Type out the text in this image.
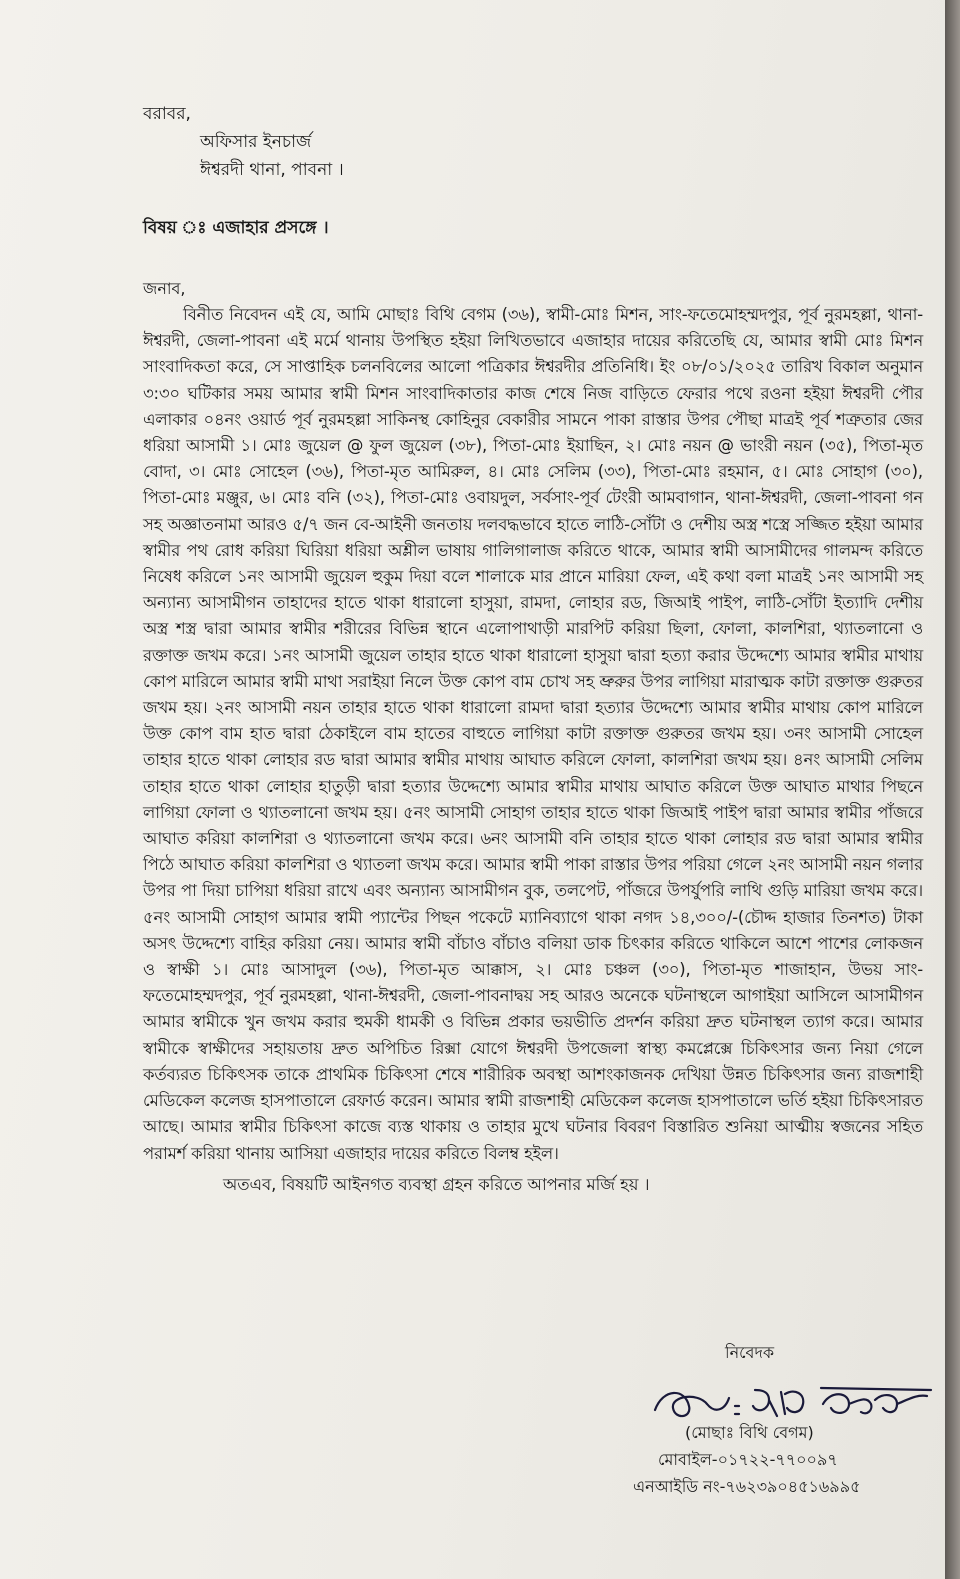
বরাবর,
অফিসার ইনচার্জ
ঈশ্বরদী থানা, পাবনা ।
বিষয় ঃ এজাহার প্রসঙ্গে ।
জনাব,

বিনীত নিবেদন এই যে, আমি মোছাঃ বিথি বেগম (৩৬), স্বামী-মোঃ মিশন, সাং-ফতেমোহম্মদপুর, পূর্ব নুরমহল্লা, থানা-ঈশ্বরদী, জেলা-পাবনা এই মর্মে থানায় উপস্থিত হইয়া লিখিতভাবে এজাহার দায়ের করিতেছি যে, আমার স্বামী মোঃ মিশন সাংবাদিকতা করে, সে সাপ্তাহিক চলনবিলের আলো পত্রিকার ঈশ্বরদীর প্রতিনিধি। ইং ০৮/০১/২০২৫ তারিখ বিকাল অনুমান ৩:৩০ ঘটিকার সময় আমার স্বামী মিশন সাংবাদিকাতার কাজ শেষে নিজ বাড়িতে ফেরার পথে রওনা হইয়া ঈশ্বরদী পৌর এলাকার ০৪নং ওয়ার্ড পূর্ব নুরমহল্লা সাকিনস্থ কোহিনুর বেকারীর সামনে পাকা রাস্তার উপর পৌছা মাত্রই পূর্ব শত্রুতার জের ধরিয়া আসামী ১। মোঃ জুয়েল @ ফুল জুয়েল (৩৮), পিতা-মোঃ ইয়াছিন, ২। মোঃ নয়ন @ ভাংরী নয়ন (৩৫), পিতা-মৃত বোদা, ৩। মোঃ সোহেল (৩৬), পিতা-মৃত আমিরুল, ৪। মোঃ সেলিম (৩৩), পিতা-মোঃ রহমান, ৫। মোঃ সোহাগ (৩০), পিতা-মোঃ মঞ্জুর, ৬। মোঃ বনি (৩২), পিতা-মোঃ ওবায়দুল, সর্বসাং-পূর্ব টেংরী আমবাগান, থানা-ঈশ্বরদী, জেলা-পাবনা গন সহ অজ্ঞাতনামা আরও ৫/৭ জন বে-আইনী জনতায় দলবদ্ধভাবে হাতে লাঠি-সোঁটা ও দেশীয় অস্ত্র শস্ত্রে সজ্জিত হইয়া আমার স্বামীর পথ রোধ করিয়া ঘিরিয়া ধরিয়া অশ্লীল ভাষায় গালিগালাজ করিতে থাকে, আমার স্বামী আসামীদের গালমন্দ করিতে নিষেধ করিলে ১নং আসামী জুয়েল হুকুম দিয়া বলে শালাকে মার প্রানে মারিয়া ফেল, এই কথা বলা মাত্রই ১নং আসামী সহ অন্যান্য আসামীগন তাহাদের হাতে থাকা ধারালো হাসুয়া, রামদা, লোহার রড, জিআই পাইপ, লাঠি-সোঁটা ইত্যাদি দেশীয় অস্ত্র শস্ত্র দ্বারা আমার স্বামীর শরীরের বিভিন্ন স্থানে এলোপাথাড়ী মারপিট করিয়া ছিলা, ফোলা, কালশিরা, থ্যাতলানো ও রক্তাক্ত জখম করে। ১নং আসামী জুয়েল তাহার হাতে থাকা ধারালো হাসুয়া দ্বারা হত্যা করার উদ্দেশ্যে আমার স্বামীর মাথায় কোপ মারিলে আমার স্বামী মাথা সরাইয়া নিলে উক্ত কোপ বাম চোখ সহ ভ্রুরুর উপর লাগিয়া মারাত্মক কাটা রক্তাক্ত গুরুতর জখম হয়। ২নং আসামী নয়ন তাহার হাতে থাকা ধারালো রামদা দ্বারা হত্যার উদ্দেশ্যে আমার স্বামীর মাথায় কোপ মারিলে উক্ত কোপ বাম হাত দ্বারা ঠেকাইলে বাম হাতের বাহুতে লাগিয়া কাটা রক্তাক্ত গুরুতর জখম হয়। ৩নং আসামী সোহেল তাহার হাতে থাকা লোহার রড দ্বারা আমার স্বামীর মাথায় আঘাত করিলে ফোলা, কালশিরা জখম হয়। ৪নং আসামী সেলিম তাহার হাতে থাকা লোহার হাতুড়ী দ্বারা হত্যার উদ্দেশ্যে আমার স্বামীর মাথায় আঘাত করিলে উক্ত আঘাত মাথার পিছনে লাগিয়া ফোলা ও থ্যাতলানো জখম হয়। ৫নং আসামী সোহাগ তাহার হাতে থাকা জিআই পাইপ দ্বারা আমার স্বামীর পাঁজরে আঘাত করিয়া কালশিরা ও থ্যাতলানো জখম করে। ৬নং আসামী বনি তাহার হাতে থাকা লোহার রড দ্বারা আমার স্বামীর পিঠে আঘাত করিয়া কালশিরা ও থ্যাতলা জখম করে। আমার স্বামী পাকা রাস্তার উপর পরিয়া গেলে ২নং আসামী নয়ন গলার উপর পা দিয়া চাপিয়া ধরিয়া রাখে এবং অন্যান্য আসামীগন বুক, তলপেট, পাঁজরে উপর্যুপরি লাথি গুড়ি মারিয়া জখম করে। ৫নং আসামী সোহাগ আমার স্বামী প্যান্টের পিছন পকেটে ম্যানিব্যাগে থাকা নগদ ১৪,৩০০/-(চৌদ্দ হাজার তিনশত) টাকা অসৎ উদ্দেশ্যে বাহির করিয়া নেয়। আমার স্বামী বাঁচাও বাঁচাও বলিয়া ডাক চিৎকার করিতে থাকিলে আশে পাশের লোকজন ও স্বাক্ষী ১। মোঃ আসাদুল (৩৬), পিতা-মৃত আক্কাস, ২। মোঃ চঞ্চল (৩০), পিতা-মৃত শাজাহান, উভয় সাং- ফতেমোহম্মদপুর, পূর্ব নুরমহল্লা, থানা-ঈশ্বরদী, জেলা-পাবনাদ্বয় সহ আরও অনেকে ঘটনাস্থলে আগাইয়া আসিলে আসামীগন আমার স্বামীকে খুন জখম করার হুমকী ধামকী ও বিভিন্ন প্রকার ভয়ভীতি প্রদর্শন করিয়া দ্রুত ঘটনাস্থল ত্যাগ করে। আমার স্বামীকে স্বাক্ষীদের সহায়তায় দ্রুত অপিচিত রিক্সা যোগে ঈশ্বরদী উপজেলা স্বাস্থ্য কমপ্লেক্সে চিকিৎসার জন্য নিয়া গেলে কর্তব্যরত চিকিৎসক তাকে প্রাথমিক চিকিৎসা শেষে শারীরিক অবস্থা আশংকাজনক দেখিয়া উন্নত চিকিৎসার জন্য রাজশাহী মেডিকেল কলেজ হাসপাতালে রেফার্ড করেন। আমার স্বামী রাজশাহী মেডিকেল কলেজ হাসপাতালে ভর্তি হইয়া চিকিৎসারত আছে। আমার স্বামীর চিকিৎসা কাজে ব্যস্ত থাকায় ও তাহার মুখে ঘটনার বিবরণ বিস্তারিত শুনিয়া আত্মীয় স্বজনের সহিত পরামর্শ করিয়া থানায় আসিয়া এজাহার দায়ের করিতে বিলম্ব হইল।

অতএব, বিষয়টি আইনগত ব্যবস্থা গ্রহন করিতে আপনার মর্জি হয় ।
নিবেদক
(মোছাঃ বিথি বেগম)
মোবাইল-০১৭২২-৭৭০০৯৭
এনআইডি নং-৭৬২৩৯০৪৫১৬৯৯৫
